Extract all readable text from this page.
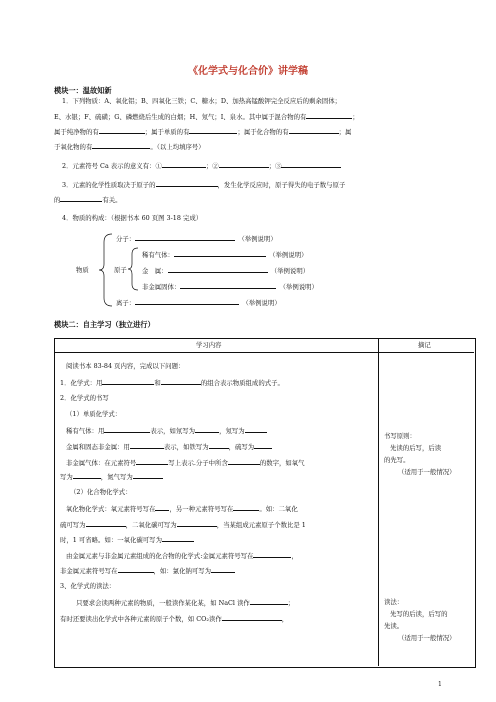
《化学式与化合价》讲学稿
模块一：温故知新
1．下列物质：A、氧化铝；B、四氧化三铁；C、糖水；D、加热高锰酸钾完全反应后的剩余固体；
E、水银；F、硫磺；G、磷燃烧后生成的白烟；H、氖气；I、泉水。其中属于混合物的有	；
属于纯净物的有	；属于单质的有	；属于化合物的有	；属
于氧化物的有	。（以上均填序号）
2．元素符号 Ca 表示的意义有：①	；②	；③
3．元素的化学性质取决于原子的	，发生化学反应时，原子得失的电子数与原子
的	有关。
4．物质的构成：（根据书本 60 页图 3-18 完成）
物质
分子：　	（举例说明）
原子
稀有气体：　	（举例说明）
金　属：　	（举例说明）
非金属固体：　	（举例说明）
离子：　	（举例说明）
模块二：自主学习（独立进行）
学习内容	摘记
阅读书本 83-84 页内容，完成以下问题：
1．化学式：用	和	的组合表示物质组成的式子。
2．化学式的书写
（1）单质化学式：
稀有气体：用	表示，如氖写为	，氖写为
金属和固态非金属：用	表示，如铁写为	，硫写为
非金属气体：在元素符号	写上表示.分子中所含	的数字，如氧气
写为	，氮气写为
（2）化合物化学式：
氧化物化学式：氧元素符号写在 ，另一种元素符号写在	。如：二氧化
硫可写为	，二氧化碳可写为	，当某组成元素原子个数比是 1
时，1 可省略。如：一氧化碳可写为
由金属元素与非金属元素组成的化合物的化学式:金属元素符号写在	，
非金属元素符号写在	，如：氯化钠可写为
3、化学式的读法：
只要求会读两种元素的物质，一般读作某化某，如 NaCl 读作	；
有时还要读出化学式中各种元素的原子个数，如 CO₂读作	，
书写原则：
先读的后写，后读
的先写。
（适用于一般情况）
读法：
先写的后读，后写的
先读。
（适用于一般情况）
1
